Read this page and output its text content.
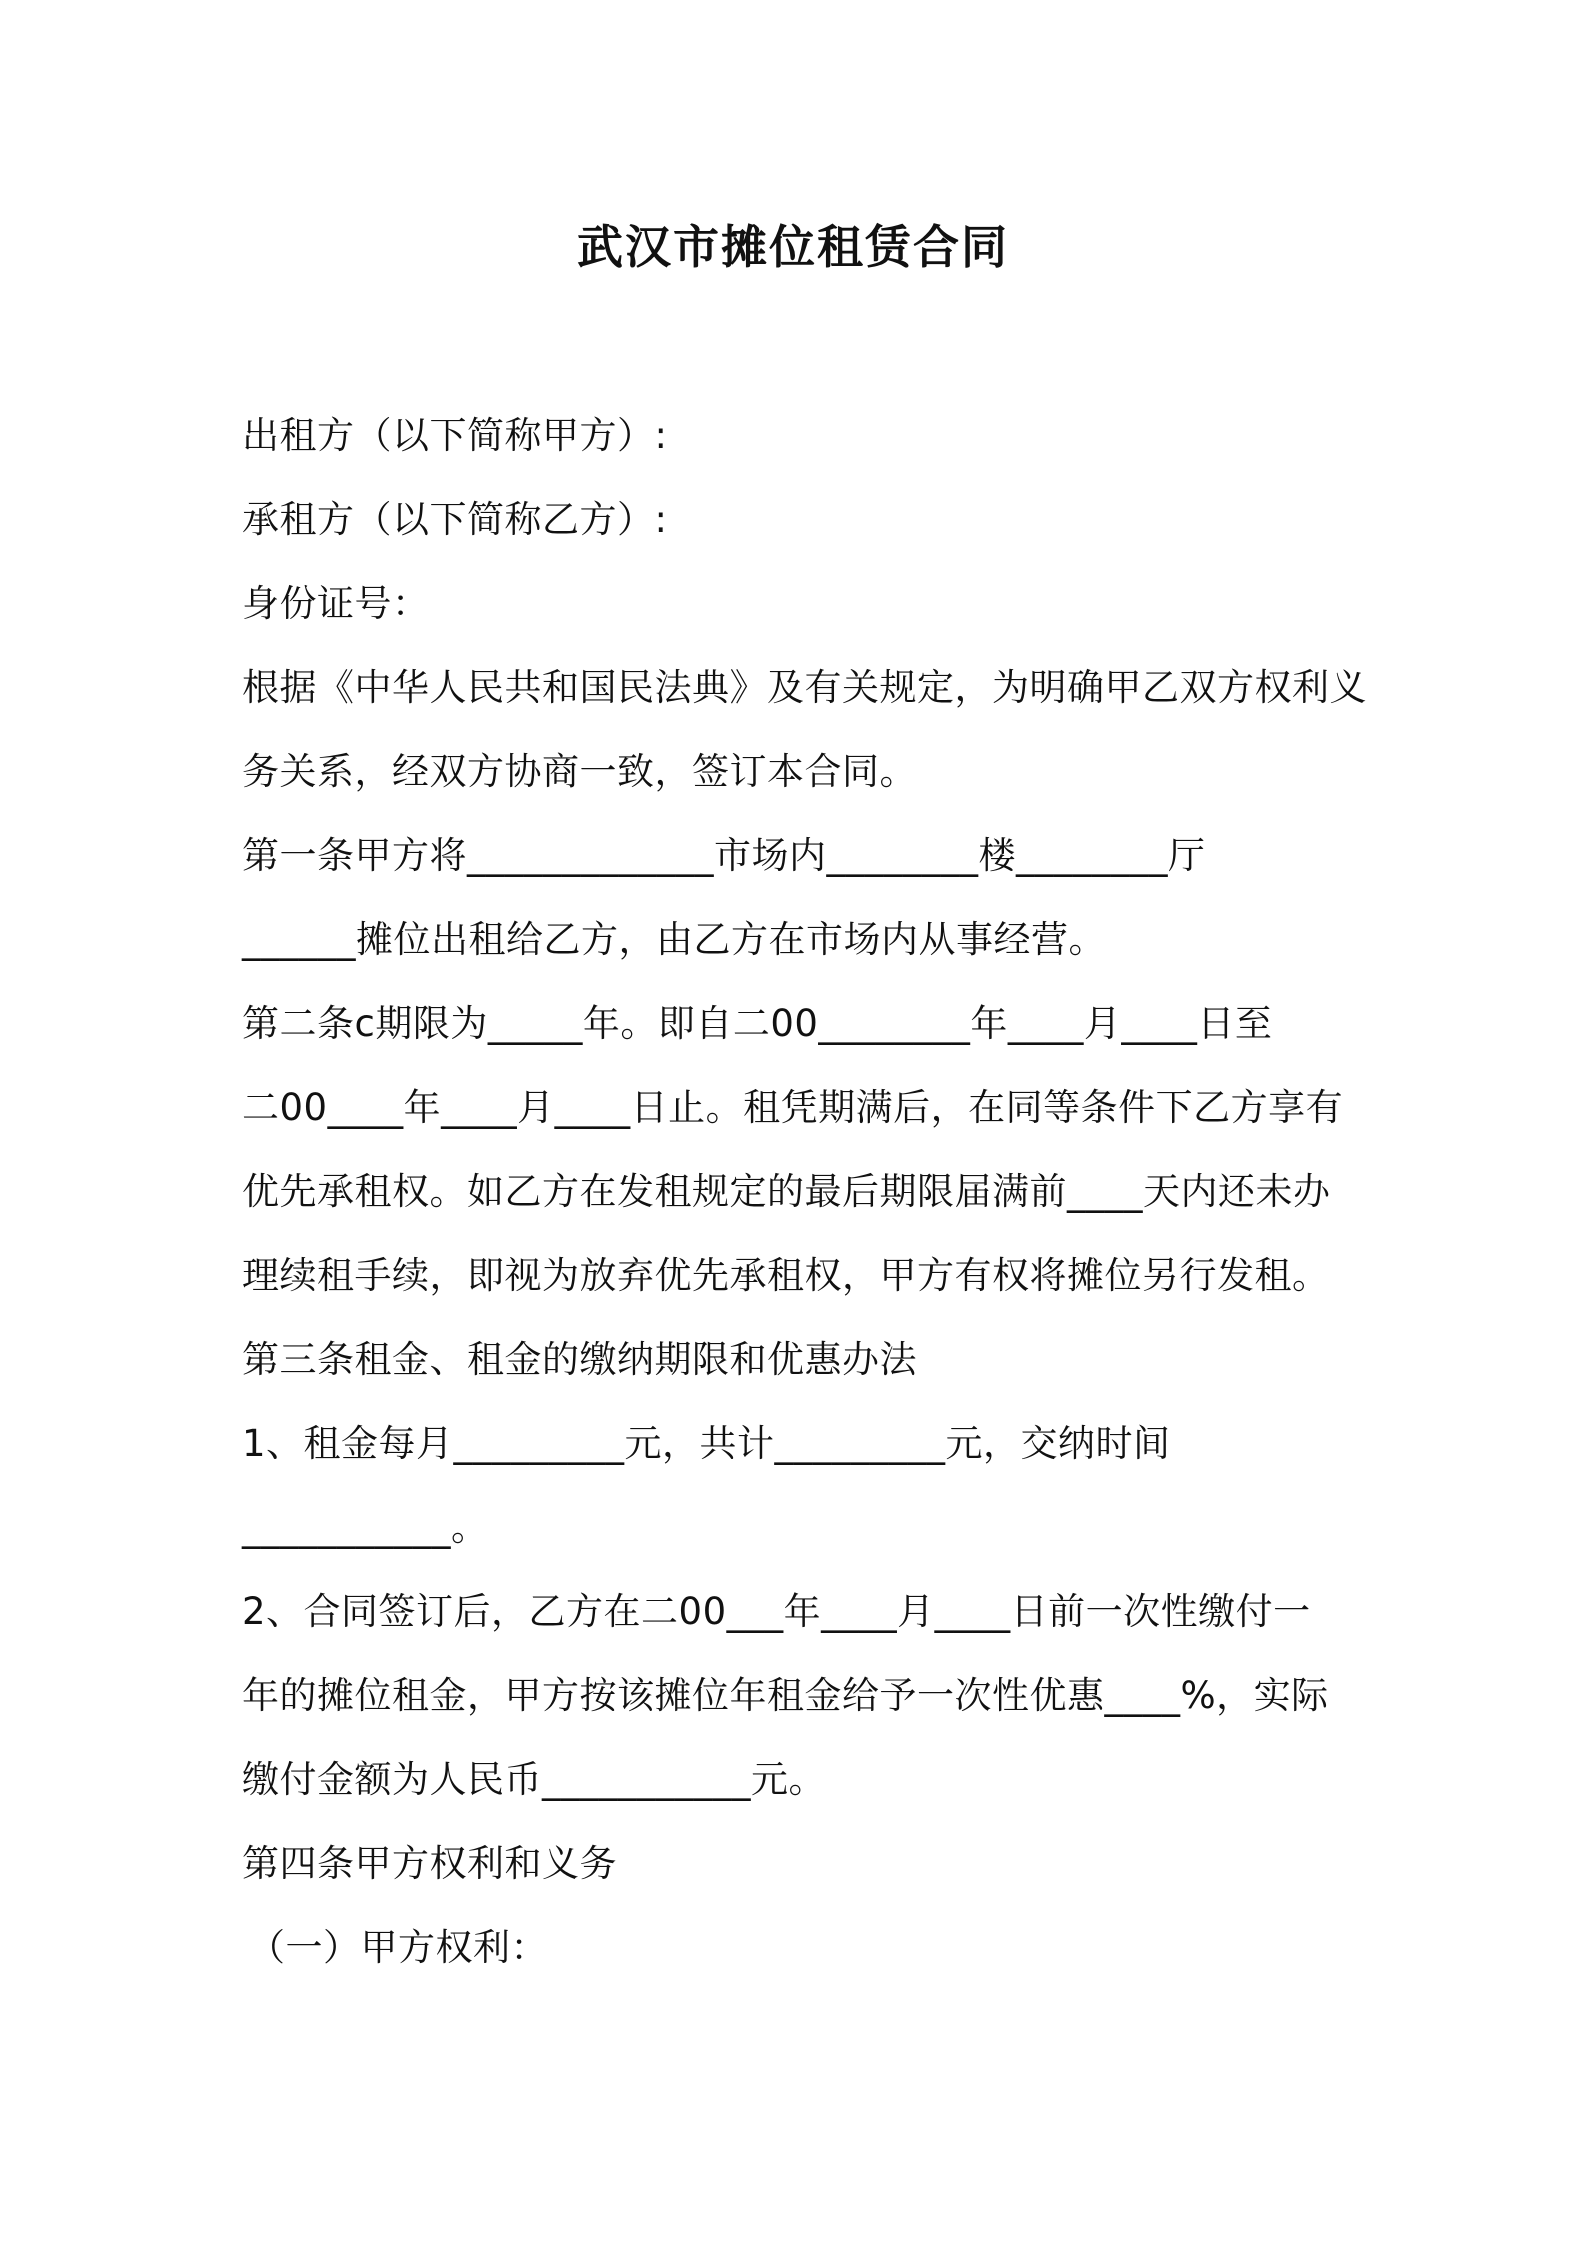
武汉市摊位租赁合同
出租方（以下简称甲方）:
承租方（以下简称乙方）:
身份证号：
根据《中华人民共和国民法典》及有关规定，为明确甲乙双方权利义
务关系，经双方协商一致，签订本合同。
第一条甲方将_____________市场内________楼________厅
______摊位出租给乙方，由乙方在市场内从事经营。
第二条c期限为_____年。即自二00________年____月____日至
二00____年____月____日止。租凭期满后，在同等条件下乙方享有
优先承租权。如乙方在发租规定的最后期限届满前____天内还未办
理续租手续，即视为放弃优先承租权，甲方有权将摊位另行发租。
第三条租金、租金的缴纳期限和优惠办法
1、租金每月_________元，共计_________元，交纳时间
___________。
2、合同签订后，乙方在二00___年____月____日前一次性缴付一
年的摊位租金，甲方按该摊位年租金给予一次性优惠____%，实际
缴付金额为人民币___________元。
第四条甲方权利和义务
（一）甲方权利：
